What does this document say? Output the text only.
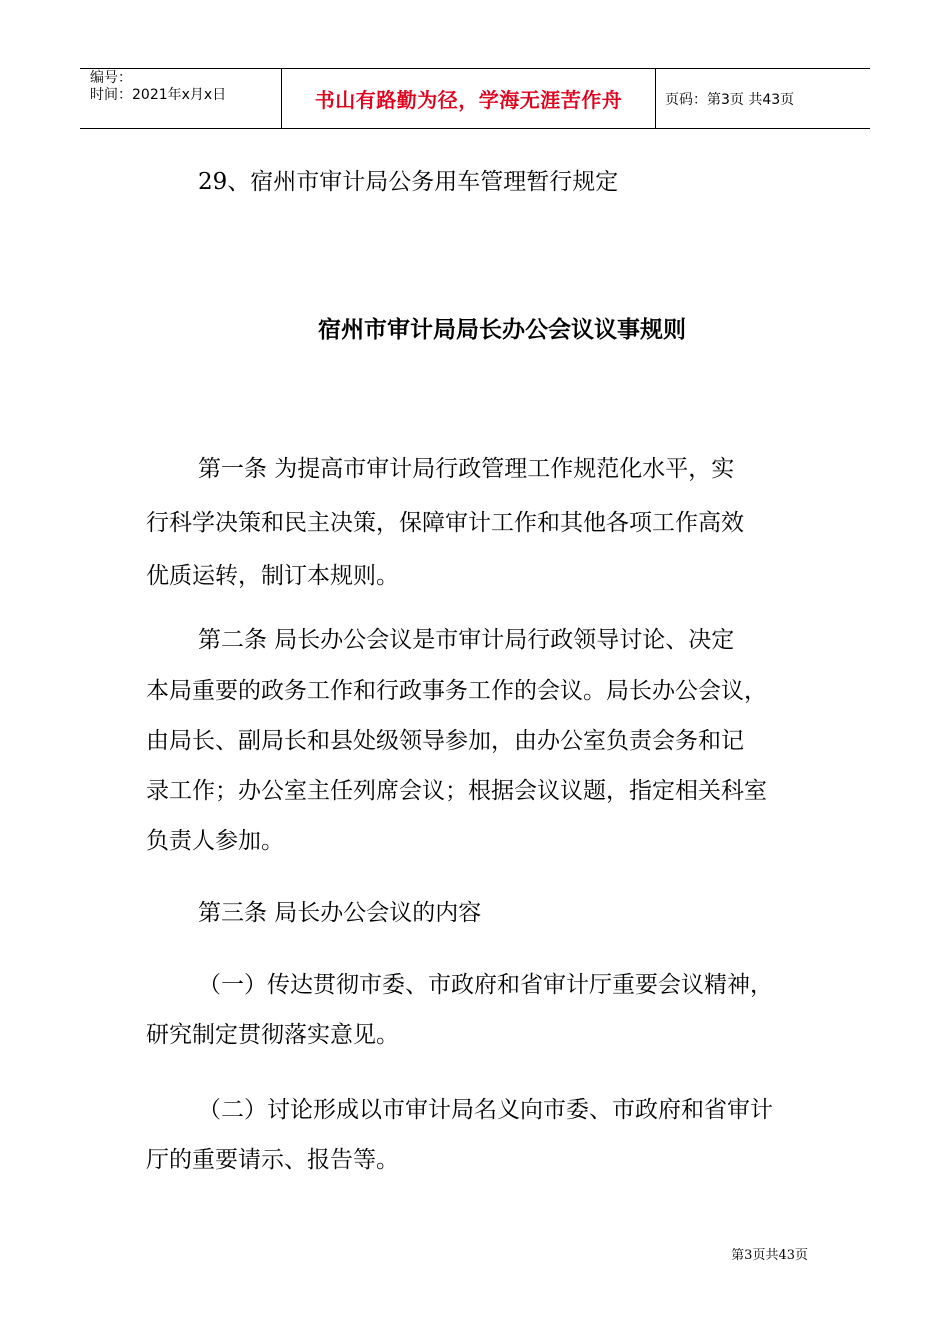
编号：
时间：2021年x月x日	书山有路勤为径，学海无涯苦作舟	页码：第3页 共43页
29、宿州市审计局公务用车管理暂行规定
宿州市审计局局长办公会议议事规则
第一条 为提高市审计局行政管理工作规范化水平，实
行科学决策和民主决策，保障审计工作和其他各项工作高效
优质运转，制订本规则。
第二条 局长办公会议是市审计局行政领导讨论、决定
本局重要的政务工作和行政事务工作的会议。局长办公会议，
由局长、副局长和县处级领导参加，由办公室负责会务和记
录工作；办公室主任列席会议；根据会议议题，指定相关科室
负责人参加。
第三条 局长办公会议的内容
（一）传达贯彻市委、市政府和省审计厅重要会议精神，
研究制定贯彻落实意见。
（二）讨论形成以市审计局名义向市委、市政府和省审计
厅的重要请示、报告等。
第3页共43页
